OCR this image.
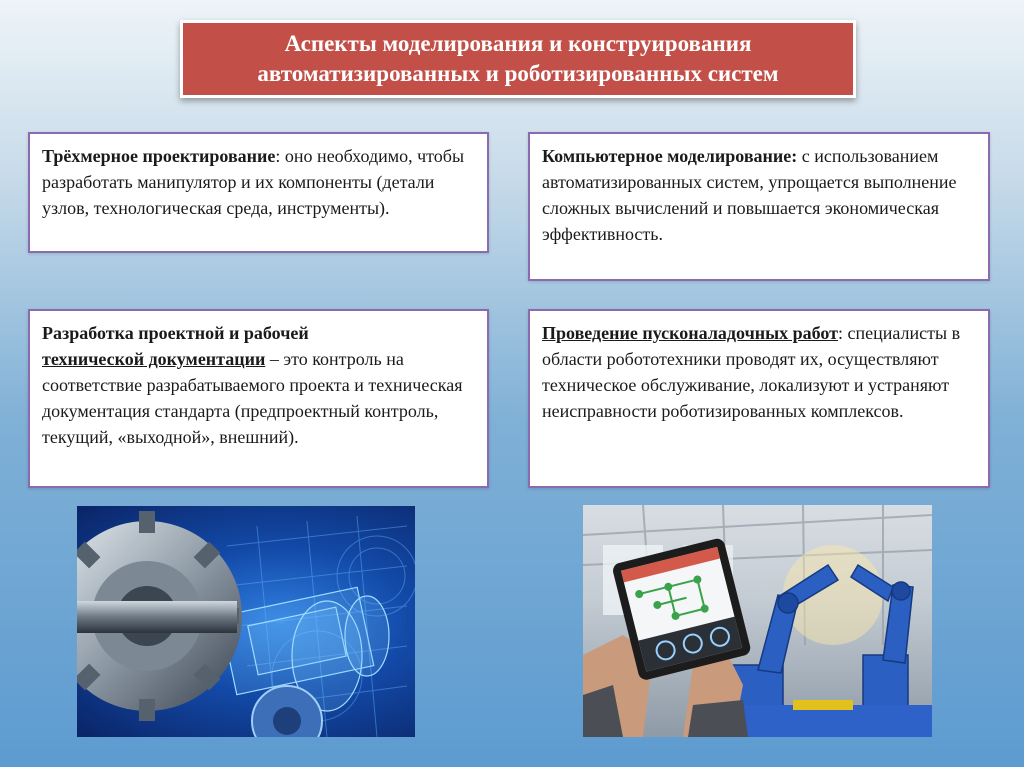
Аспекты моделирования и конструирования
автоматизированных и роботизированных систем
Трёхмерное проектирование: оно необходимо, чтобы разработать манипулятор и их компоненты (детали узлов, технологическая среда, инструменты).
Компьютерное моделирование: с использованием автоматизированных систем, упрощается выполнение сложных вычислений и повышается экономическая эффективность.
Разработка проектной и рабочей
технической документации – это контроль на соответствие разрабатываемого проекта и техническая документация стандарта (предпроектный контроль, текущий, «выходной», внешний).
Проведение пусконаладочных работ: специалисты в области робототехники проводят их, осуществляют техническое обслуживание, локализуют и устраняют неисправности роботизированных комплексов.
